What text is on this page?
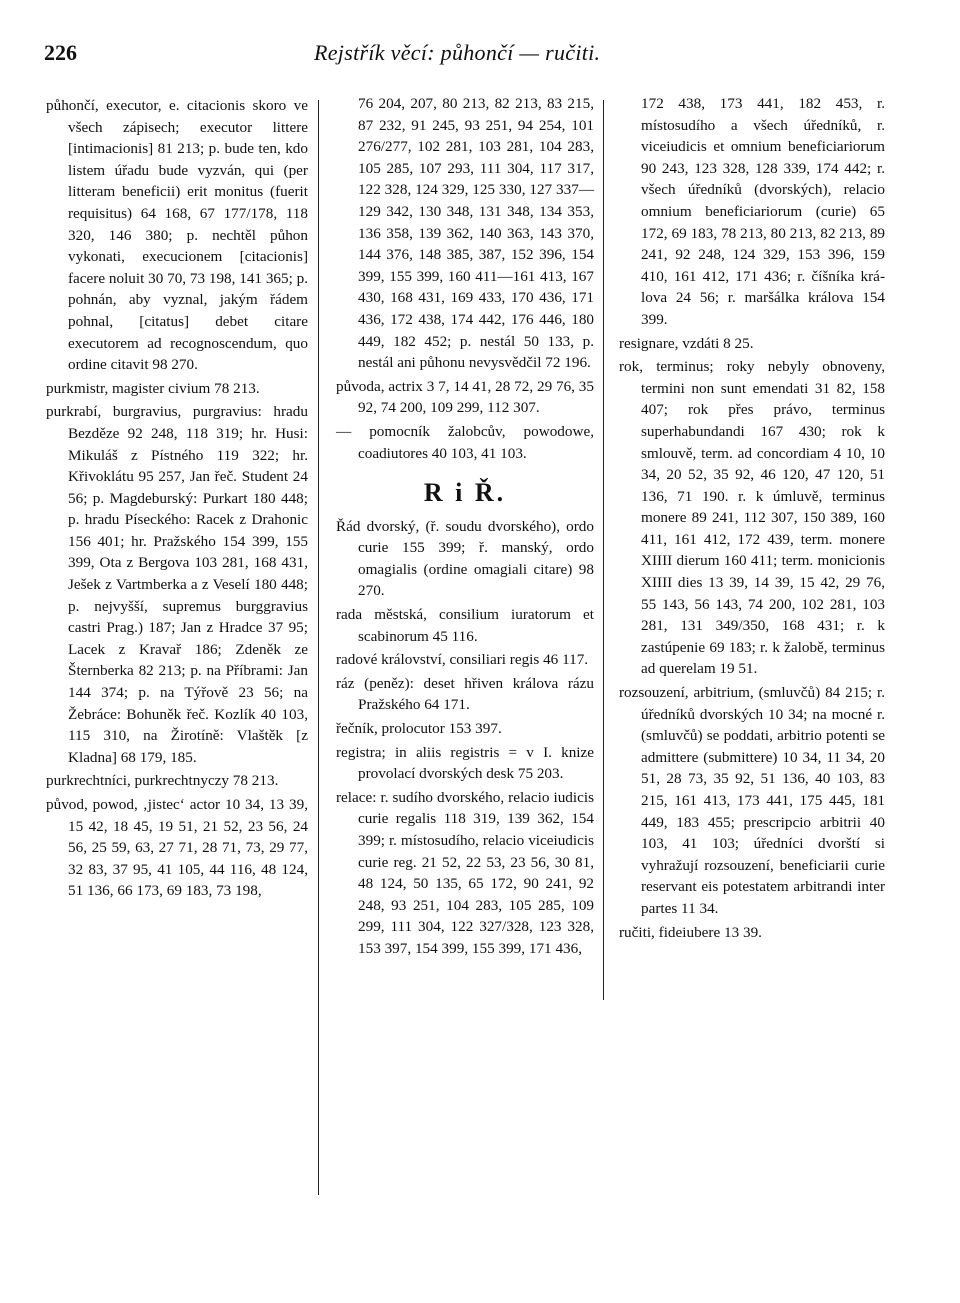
226	Rejstřík věcí: půhončí — ručiti.

půhončí, executor, e. citacionis skoro ve všech zápisech; executor littere [intimacionis] 81 213; p. bude ten, kdo listem úřadu bude vyzván, qui (per litteram beneficii) erit monitus (fuerit requisitus) 64 168, 67 177/178, 118 320, 146 380; p. nechtěl půhon vykonati, execucionem [citacionis] facere noluit 30 70, 73 198, 141 365; p. pohnán, aby vyznal, jakým řádem pohnal, [citatus] debet citare executorem ad recognoscendum, quo ordine citavit 98 270.

purkmistr, magister civium 78 213.

purkrabí, burgravius, purgravius: hradu Bezděze 92 248, 118 319; hr. Husi: Mikuláš z Pístného 119 322; hr. Křivoklátu 95 257, Jan řeč. Student 24 56; p. Magdeburský: Purkart 180 448; p. hradu Píseckého: Racek z Drahonic 156 401; hr. Pražského 154 399, 155 399, Ota z Bergova 103 281, 168 431, Ješek z Vartmberka a z Veselí 180 448; p. nejvyšší, supremus burggravius castri Prag.) 187; Jan z Hradce 37 95; Lacek z Kravař 186; Zdeněk ze Šternberka 82 213; p. na Příbrami: Jan 144 374; p. na Týřově 23 56; na Žebráce: Bohuněk řeč. Kozlík 40 103, 115 310, na Žirotíně: Vlaštěk [z Kladna] 68 179, 185.

purkrechtníci, purkrechtnyczy 78 213.

původ, powod, ‚jistec‘ actor 10 34, 13 39, 15 42, 18 45, 19 51, 21 52, 23 56, 24 56, 25 59, 63, 27 71, 28 71, 73, 29 77, 32 83, 37 95, 41 105, 44 116, 48 124, 51 136, 66 173, 69 183, 73 198,

76 204, 207, 80 213, 82 213, 83 215, 87 232, 91 245, 93 251, 94 254, 101 276/277, 102 281, 103 281, 104 283, 105 285, 107 293, 111 304, 117 317, 122 328, 124 329, 125 330, 127 337—129 342, 130 348, 131 348, 134 353, 136 358, 139 362, 140 363, 143 370, 144 376, 148 385, 387, 152 396, 154 399, 155 399, 160 411—161 413, 167 430, 168 431, 169 433, 170 436, 171 436, 172 438, 174 442, 176 446, 180 449, 182 452; p. nestál 50 133, p. nestál ani půhonu nevysvědčil 72 196.

původa, actrix 3 7, 14 41, 28 72, 29 76, 35 92, 74 200, 109 299, 112 307.

— pomocník žalobcův, powodowe, coadiutores 40 103, 41 103.

R i Ř.

Řád dvorský, (ř. soudu dvorského), ordo curie 155 399; ř. manský, ordo omagialis (ordine omagiali citare) 98 270.

rada městská, consilium iuratorum et scabinorum 45 116.

radové království, consiliari regis 46 117.

ráz (peněz): deset hřiven králova rázu Pražského 64 171.

řečník, prolocutor 153 397.

registra; in aliis registris = v I. knize provolací dvorských desk 75 203.

relace: r. sudího dvorského, relacio iudicis curie regalis 118 319, 139 362, 154 399; r. místosudího, relacio viceiudicis curie reg. 21 52, 22 53, 23 56, 30 81, 48 124, 50 135, 65 172, 90 241, 92 248, 93 251, 104 283, 105 285, 109 299, 111 304, 122 327/328, 123 328, 153 397, 154 399, 155 399, 171 436,

172 438, 173 441, 182 453, r. místosudího a všech úředníků, r. viceiudicis et omnium beneficiariorum 90 243, 123 328, 128 339, 174 442; r. všech úředníků (dvorských), relacio omnium beneficiariorum (curie) 65 172, 69 183, 78 213, 80 213, 82 213, 89 241, 92 248, 124 329, 153 396, 159 410, 161 412, 171 436; r. číšníka králova 24 56; r. maršálka králova 154 399.

resignare, vzdáti 8 25.

rok, terminus; roky nebyly obnoveny, termini non sunt emendati 31 82, 158 407; rok přes právo, terminus superhabundandi 167 430; rok k smlouvě, term. ad concordiam 4 10, 10 34, 20 52, 35 92, 46 120, 47 120, 51 136, 71 190. r. k úmluvě, terminus monere 89 241, 112 307, 150 389, 160 411, 161 412, 172 439, term. monere XIIII dierum 160 411; term. monicionis XIIII dies 13 39, 14 39, 15 42, 29 76, 55 143, 56 143, 74 200, 102 281, 103 281, 131 349/350, 168 431; r. k zastúpenie 69 183; r. k žalobě, terminus ad querelam 19 51.

rozsouzení, arbitrium, (smluvčů) 84 215; r. úředníků dvorských 10 34; na mocné r. (smluvčů) se poddati, arbitrio potenti se admittere (submittere) 10 34, 11 34, 20 51, 28 73, 35 92, 51 136, 40 103, 83 215, 161 413, 173 441, 175 445, 181 449, 183 455; prescripcio arbitrii 40 103, 41 103; úředníci dvorští si vyhražují rozsouzení, beneficiarii curie reservant eis potestatem arbitrandi inter partes 11 34.

ručiti, fideiubere 13 39.
